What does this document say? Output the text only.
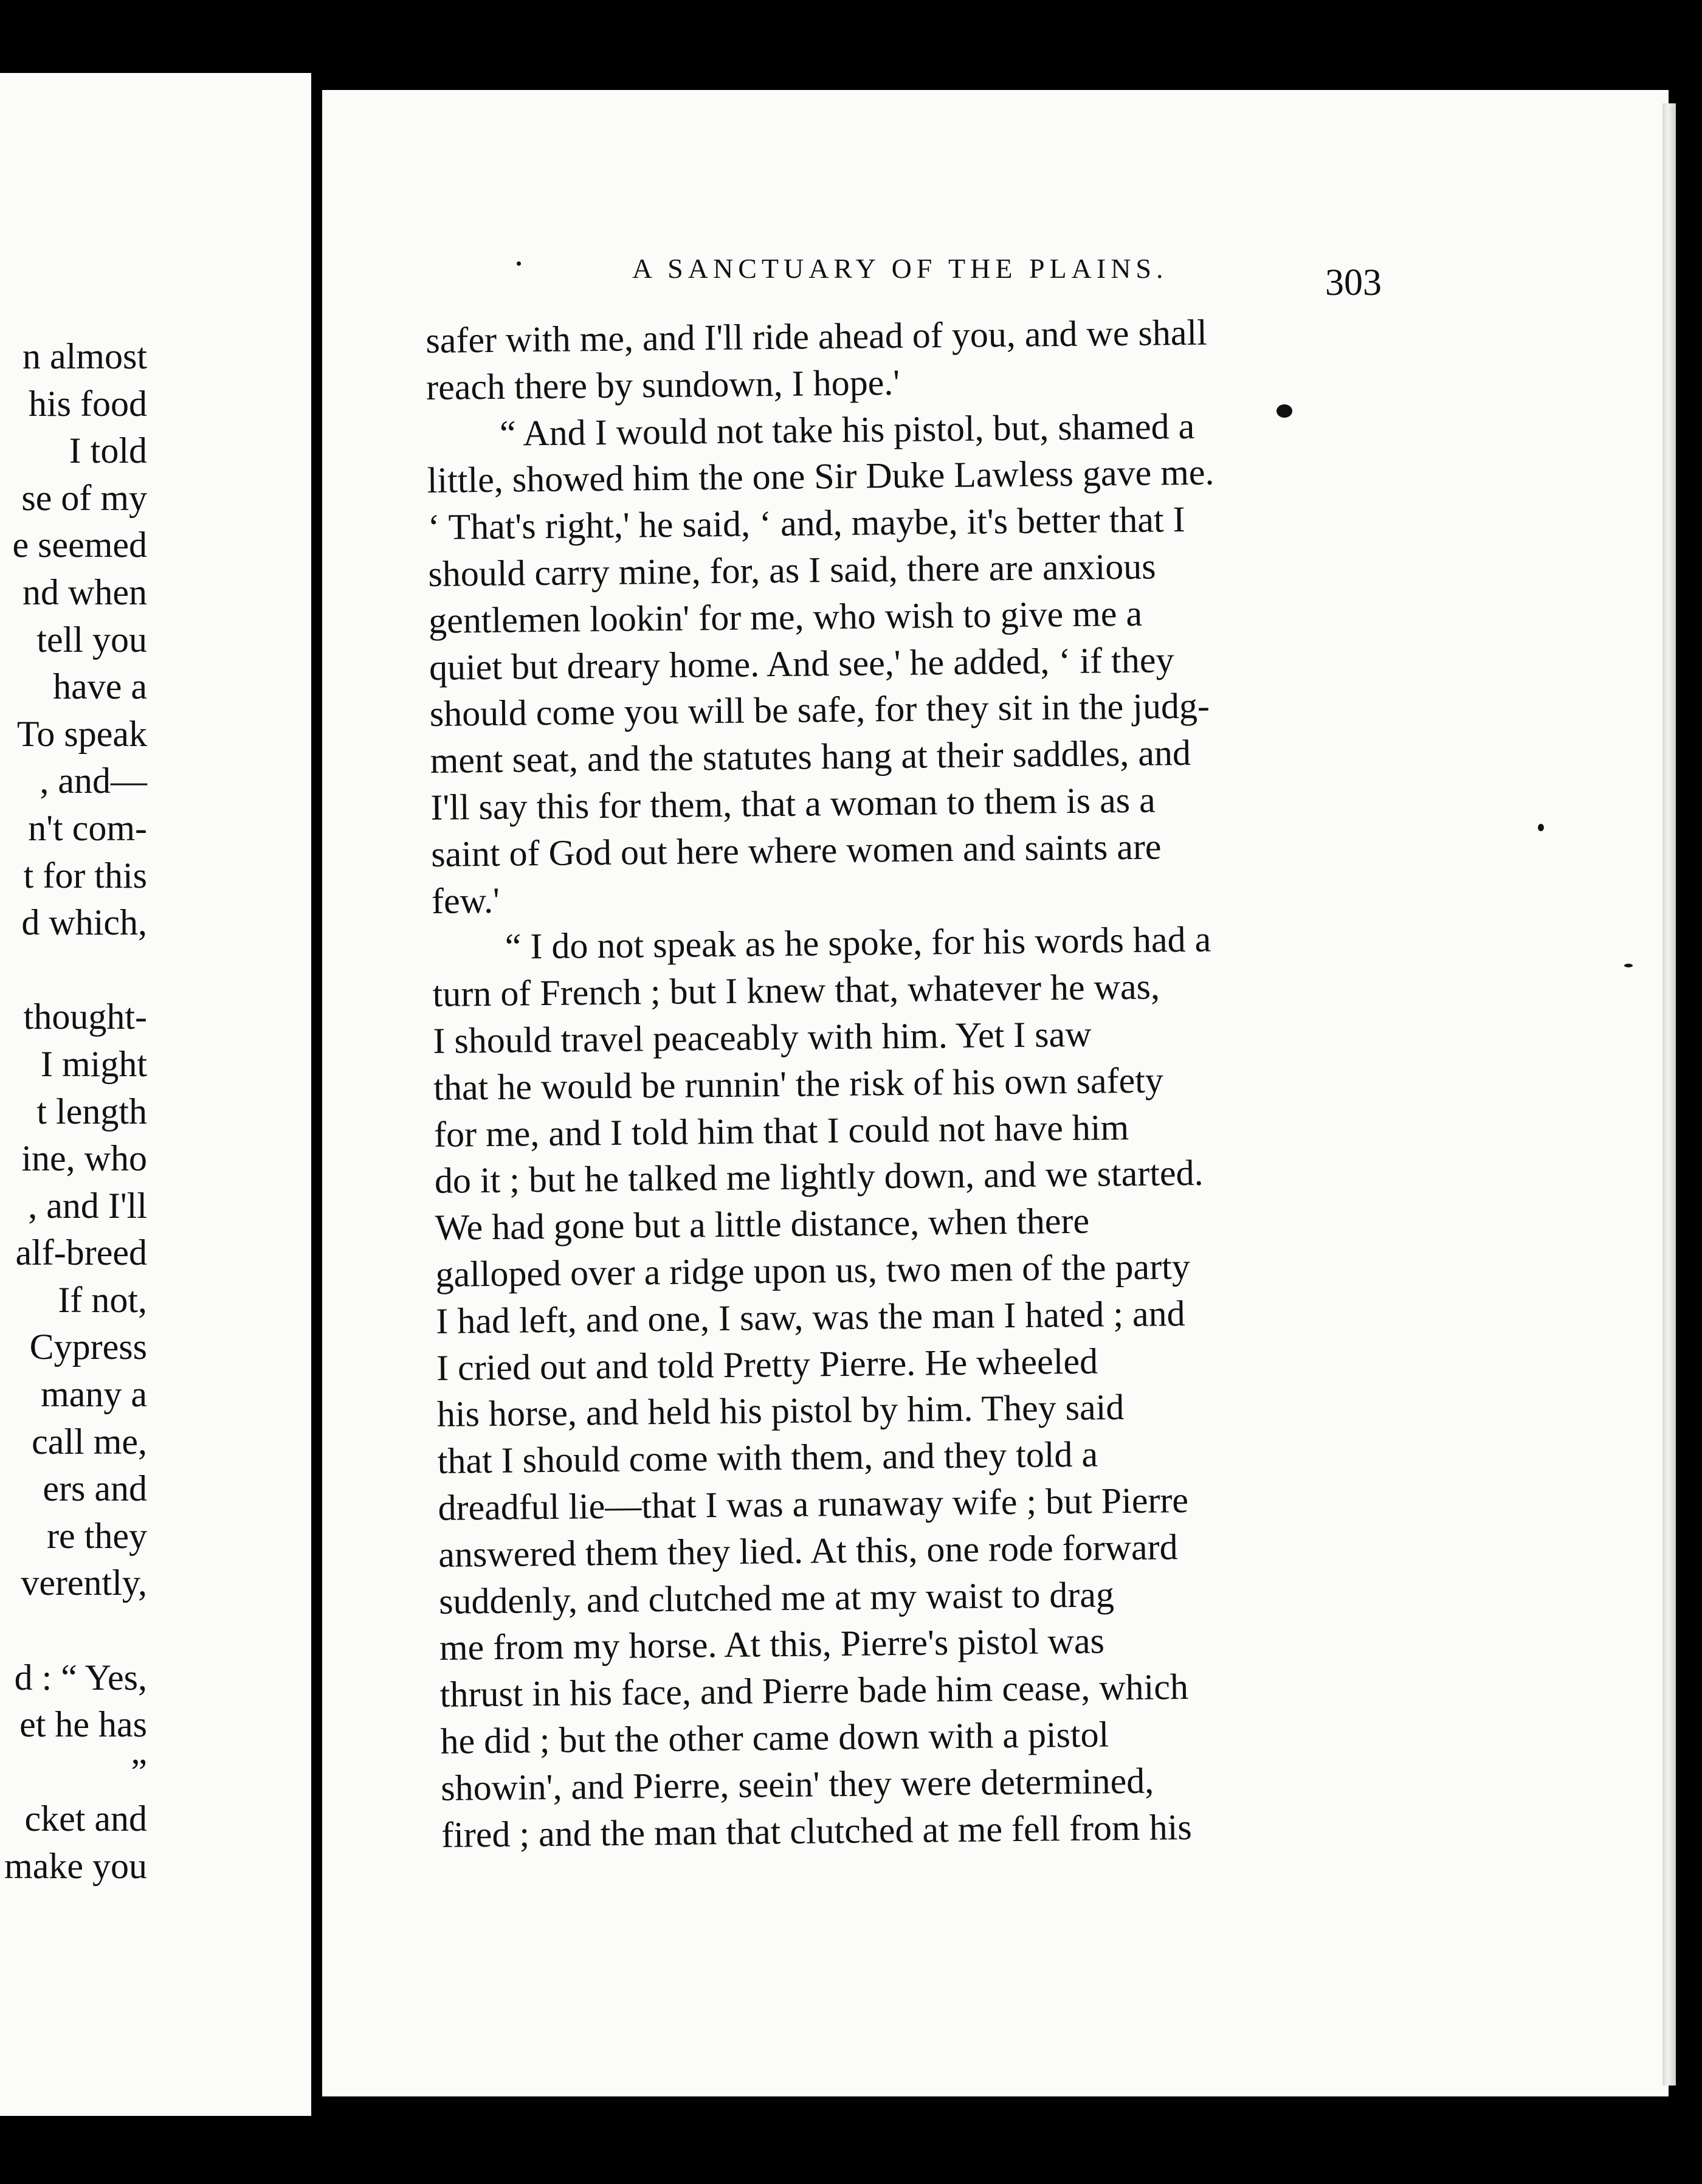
n almost
his food
I told
se of my
e seemed
nd when
tell you
have a
To speak
, and—
n't com-
t for this
d which,
thought-
I might
t length
ine, who
, and I'll
alf-breed
If not,
Cypress
many a
call me,
ers and
re they
verently,
d : “ Yes,
et he has
”
cket and
make you
A SANCTUARY OF THE PLAINS.	303
safer with me, and I'll ride ahead of you, and we shall
reach there by sundown, I hope.'
  “ And I would not take his pistol, but, shamed a
little, showed him the one Sir Duke Lawless gave me.
‘ That's right,' he said, ‘ and, maybe, it's better that I
should carry mine, for, as I said, there are anxious
gentlemen lookin' for me, who wish to give me a
quiet but dreary home. And see,' he added, ‘ if they
should come you will be safe, for they sit in the judg-
ment seat, and the statutes hang at their saddles, and
I'll say this for them, that a woman to them is as a
saint of God out here where women and saints are
few.'
  “ I do not speak as he spoke, for his words had a
turn of French ; but I knew that, whatever he was,
I should travel peaceably with him. Yet I saw
that he would be runnin' the risk of his own safety
for me, and I told him that I could not have him
do it ; but he talked me lightly down, and we started.
We had gone but a little distance, when there
galloped over a ridge upon us, two men of the party
I had left, and one, I saw, was the man I hated ; and
I cried out and told Pretty Pierre. He wheeled
his horse, and held his pistol by him. They said
that I should come with them, and they told a
dreadful lie—that I was a runaway wife ; but Pierre
answered them they lied. At this, one rode forward
suddenly, and clutched me at my waist to drag
me from my horse. At this, Pierre's pistol was
thrust in his face, and Pierre bade him cease, which
he did ; but the other came down with a pistol
showin', and Pierre, seein' they were determined,
fired ; and the man that clutched at me fell from his
